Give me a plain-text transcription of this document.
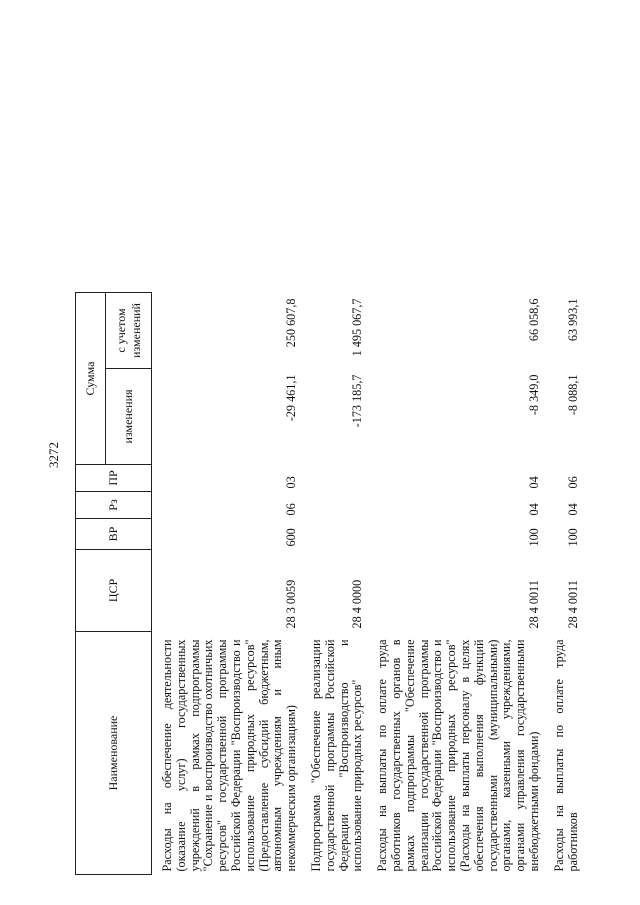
3272
Наименование	ЦСР	ВР	Рз	ПР	Сумма		
					изменения	с учетом изменений	

Расходы на обеспечение деятельности (оказание услуг) государственных учреждений в рамках подпрограммы "Сохранение и воспроизводство охотничьих ресурсов" государственной программы Российской Федерации "Воспроизводство и использование природных ресурсов" (Предоставление субсидий бюджетным, автономным учреждениям и иным некоммерческим организациям)	28 3 0059	600	06	03	-29 461,1	250 607,8	

Подпрограмма "Обеспечение реализации государственной программы Российской Федерации "Воспроизводство и использование природных ресурсов"	28 4 0000				-173 185,7	1 495 067,7	

Расходы на выплаты по оплате труда работников государственных органов в рамках подпрограммы "Обеспечение реализации государственной программы Российской Федерации "Воспроизводство и использование природных ресурсов" (Расходы на выплаты персоналу в целях обеспечения выполнения функций государственными (муниципальными) органами, казенными учреждениями, органами управления государственными внебюджетными фондами)	28 4 0011	100	04	04	-8 349,0	66 058,6	

Расходы на выплаты по оплате труда работников	28 4 0011	100	04	06	-8 088,1	63 993,1	
